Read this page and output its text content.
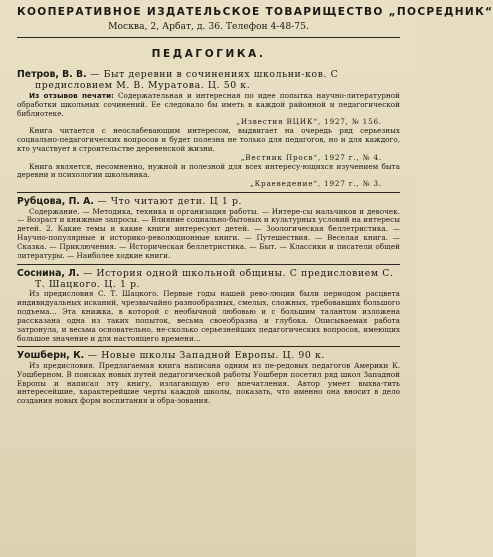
КООПЕРАТИВНОЕ ИЗДАТЕЛЬСКОЕ ТОВАРИЩЕСТВО „ПОСРЕДНИК“
Москва, 2, Арбат, д. 36. Телефон 4-48-75.
ПЕДАГОГИКА.

Петров, В. В. — Быт деревни в сочинениях школьни-ков. С предисловием М. В. Муратова. Ц. 50 к.

Из отзывов печати: Содержательная и интересная по идее попытка научно-литературной обработки школьных сочинений. Ее следовало бы иметь в каждой районной и педагогической библиотеке.

„Известия ВЦИК“, 1927, № 156.

Книга читается с неослабевающим интересом, выдвигает на очередь ряд серьезных социально-педагогических вопросов и будет полезна не только для педагогов, но и для каждого, кто участвует в строительстве деревенской жизни.

„Вестник Просв“, 1927 г., № 4.

Книга является, несомненно, нужной и полезной для всех интересу-ющихся изучением быта деревни и психологии школьника.

„Краеведение“, 1927 г., № 3.

Рубцова, П. А. — Что читают дети. Ц 1 р.

Содержание. — Методика, техника и организация работы. — Интере-сы мальчиков и девочек. — Возраст и книжные запросы. — Влияние социально-бытовых и культурных условий на интересы детей. 2. Какие темы и какие книги интересуют детей. — Зоологическая беллетристика. — Научно-популярные и историко-революционные книги. — Путешествия. — Веселая книга. — Сказка. — Приключения. — Историческая беллетристика. — Быт. — Классики и писатели общей литературы. — Наиболее ходкие книги.

Соснина, Л. — История одной школьной общины. С предисловием С. Т. Шацкого. Ц. 1 р.

Из предисловия С. Т. Шацкого. Первые годы нашей рево-люции были периодом расцвета индивидуальных исканий, чрезвычайно разнообразных, смелых, сложных, требовавших большого подъема… Эта книжка, в которой с необычной любовью и с большим талантом изложена рассказана одна из таких попыток, весьма своеобразна и глубока. Описываемая работа затронула, и весьма основательно, не-сколько серьезнейших педагогических вопросов, имеющих большое значение и для настоящего времени…

Уошберн, К. — Новые школы Западной Европы. Ц. 90 к.

Из предисловия. Предлагаемая книга написана одним из пе-редовых педагогов Америки К. Уошберном. В поисках новых путей педагогической работы Уошберн посетил ряд школ Западной Европы и написал эту книгу, излагающую его впечатления. Автор умеет выхва-тить интересейшие, характерейшие черты каждой школы, показать, что именно она вносит в дело создания новых форм воспитания и обра-зования.
